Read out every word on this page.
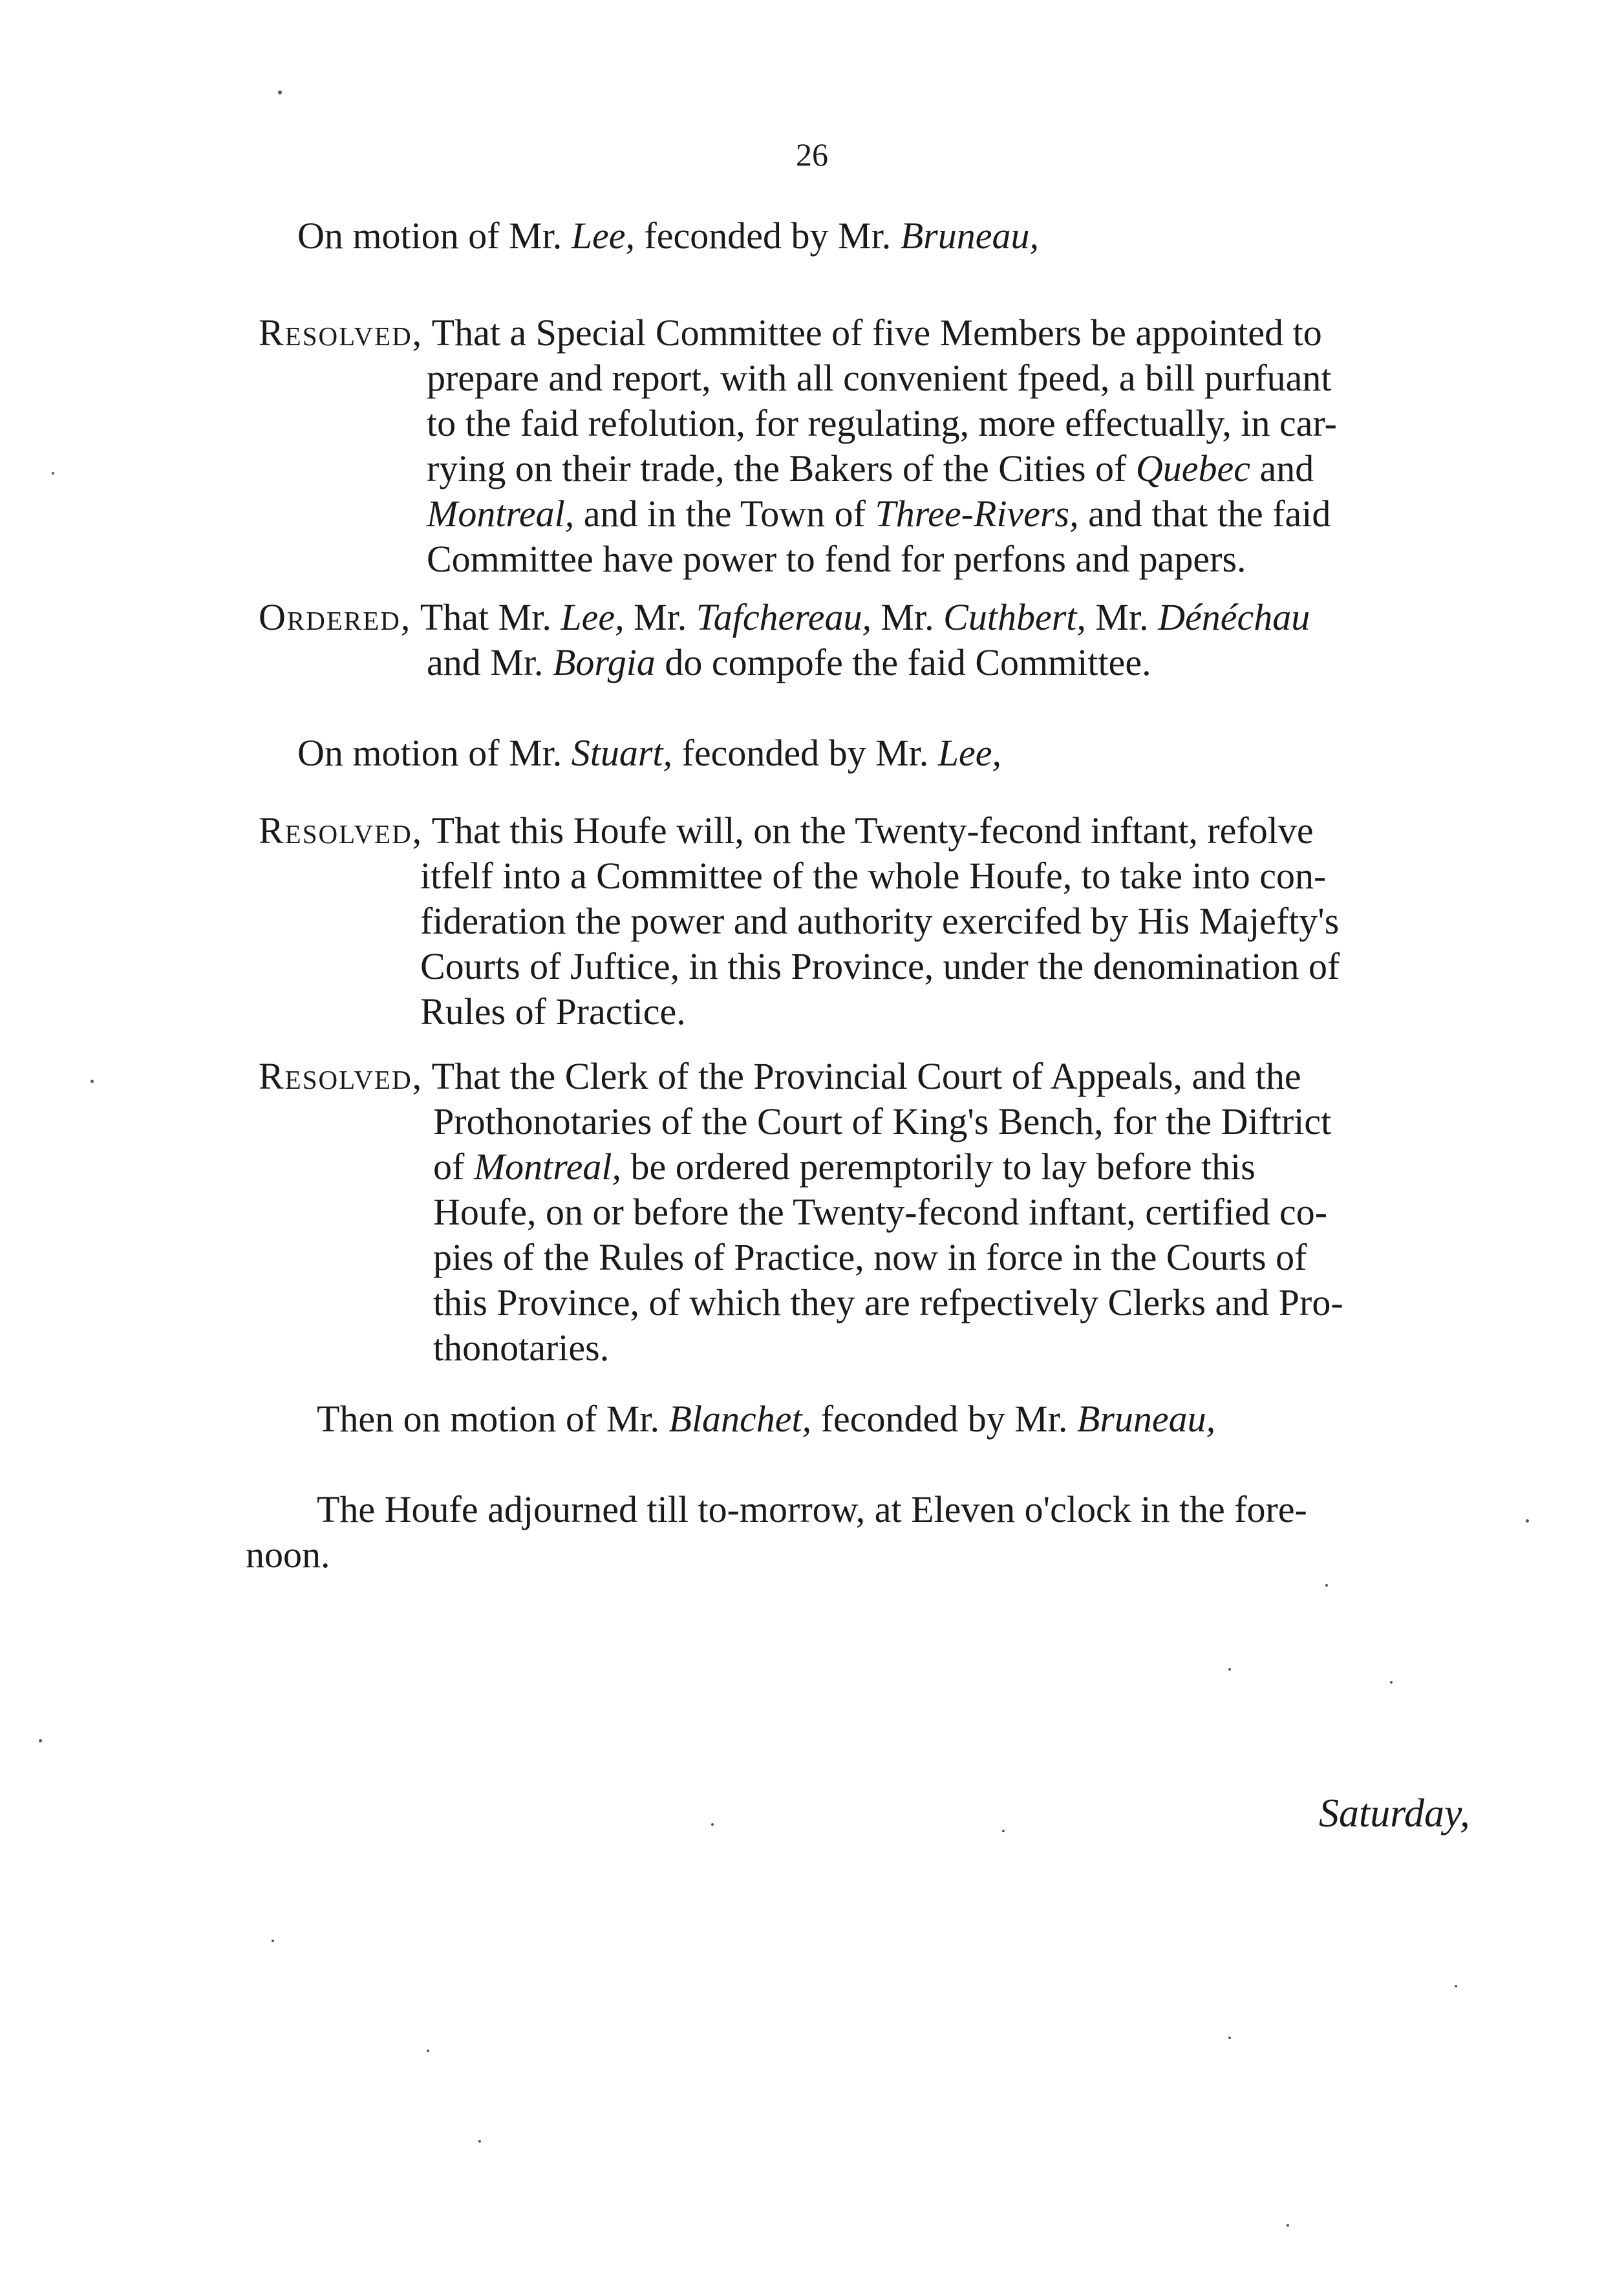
26
On motion of Mr. Lee, feconded by Mr. Bruneau,
Resolved, That a Special Committee of five Members be appointed to
prepare and report, with all convenient fpeed, a bill purfuant
to the faid refolution, for regulating, more effectually, in car-
rying on their trade, the Bakers of the Cities of Quebec and
Montreal, and in the Town of Three-Rivers, and that the faid
Committee have power to fend for perfons and papers.
Ordered, That Mr. Lee, Mr. Tafchereau, Mr. Cuthbert, Mr. Dénéchau
and Mr. Borgia do compofe the faid Committee.
On motion of Mr. Stuart, feconded by Mr. Lee,
Resolved, That this Houfe will, on the Twenty-fecond inftant, refolve
itfelf into a Committee of the whole Houfe, to take into con-
fideration the power and authority exercifed by His Majefty's
Courts of Juftice, in this Province, under the denomination of
Rules of Practice.
Resolved, That the Clerk of the Provincial Court of Appeals, and the
Prothonotaries of the Court of King's Bench, for the Diftrict
of Montreal, be ordered peremptorily to lay before this
Houfe, on or before the Twenty-fecond inftant, certified co-
pies of the Rules of Practice, now in force in the Courts of
this Province, of which they are refpectively Clerks and Pro-
thonotaries.
Then on motion of Mr. Blanchet, feconded by Mr. Bruneau,
The Houfe adjourned till to-morrow, at Eleven o'clock in the fore-
noon.
Saturday,
